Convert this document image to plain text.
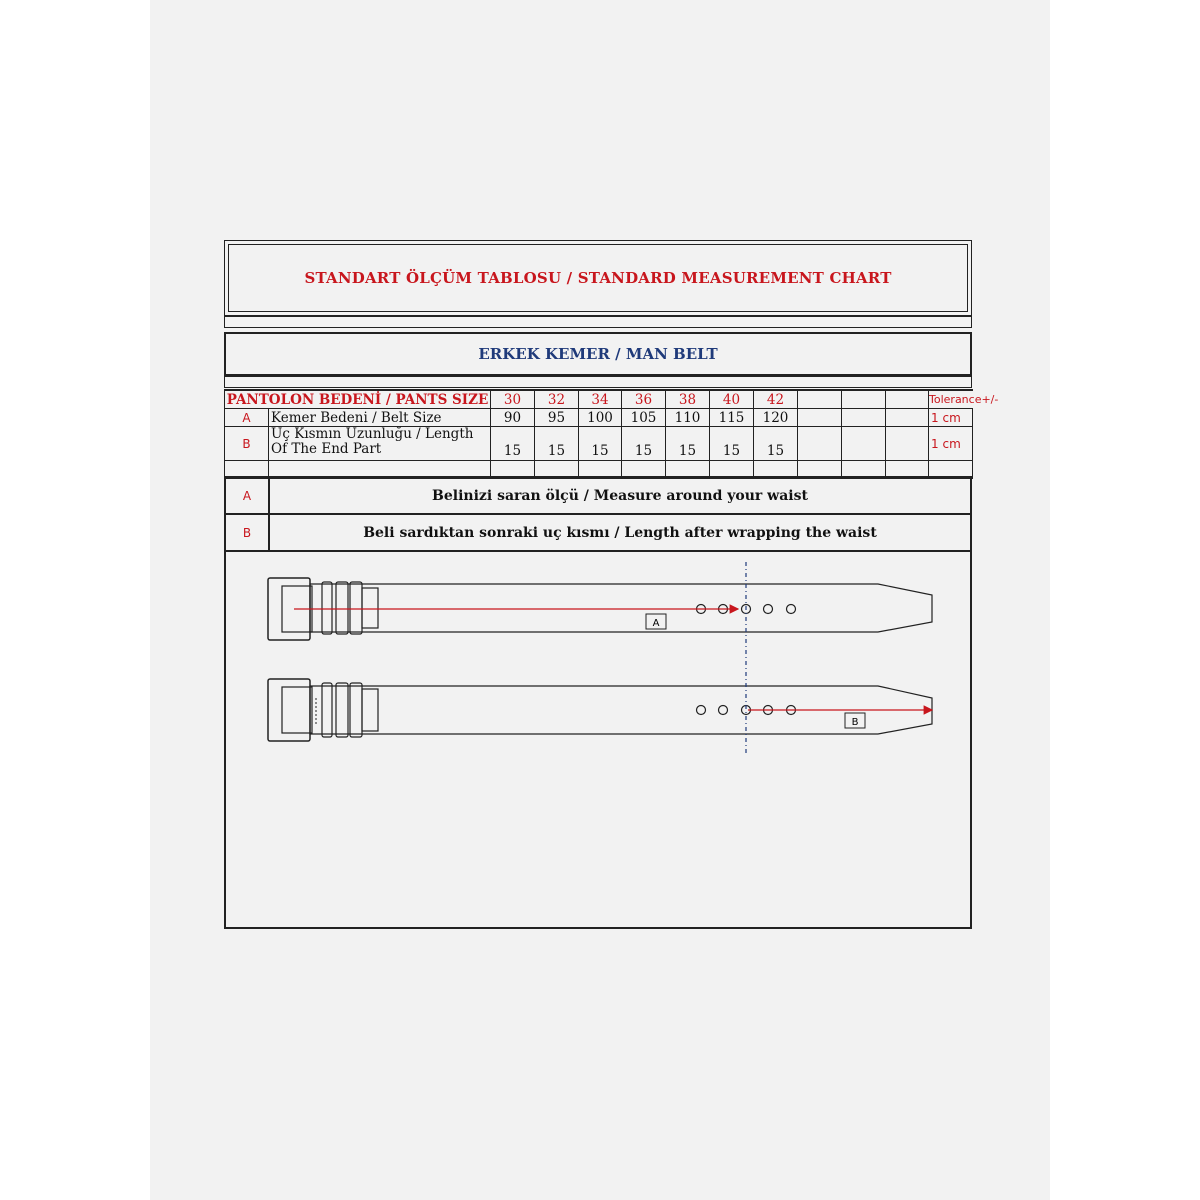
STANDART ÖLÇÜM TABLOSU / STANDARD MEASUREMENT CHART
ERKEK KEMER / MAN BELT
PANTOLON BEDENİ / PANTS SIZE		30	32	34	36	38	40	42				Tolerance+/-
A	Kemer Bedeni / Belt Size	90	95	100	105	110	115	120				1 cm
B	Uç Kısmın Uzunluğu / Length Of The End Part	15	15	15	15	15	15	15				1 cm

A	Belinizi saran ölçü / Measure around your waist
B	Beli sardıktan sonraki uç kısmı / Length after wrapping the waist
A
B
